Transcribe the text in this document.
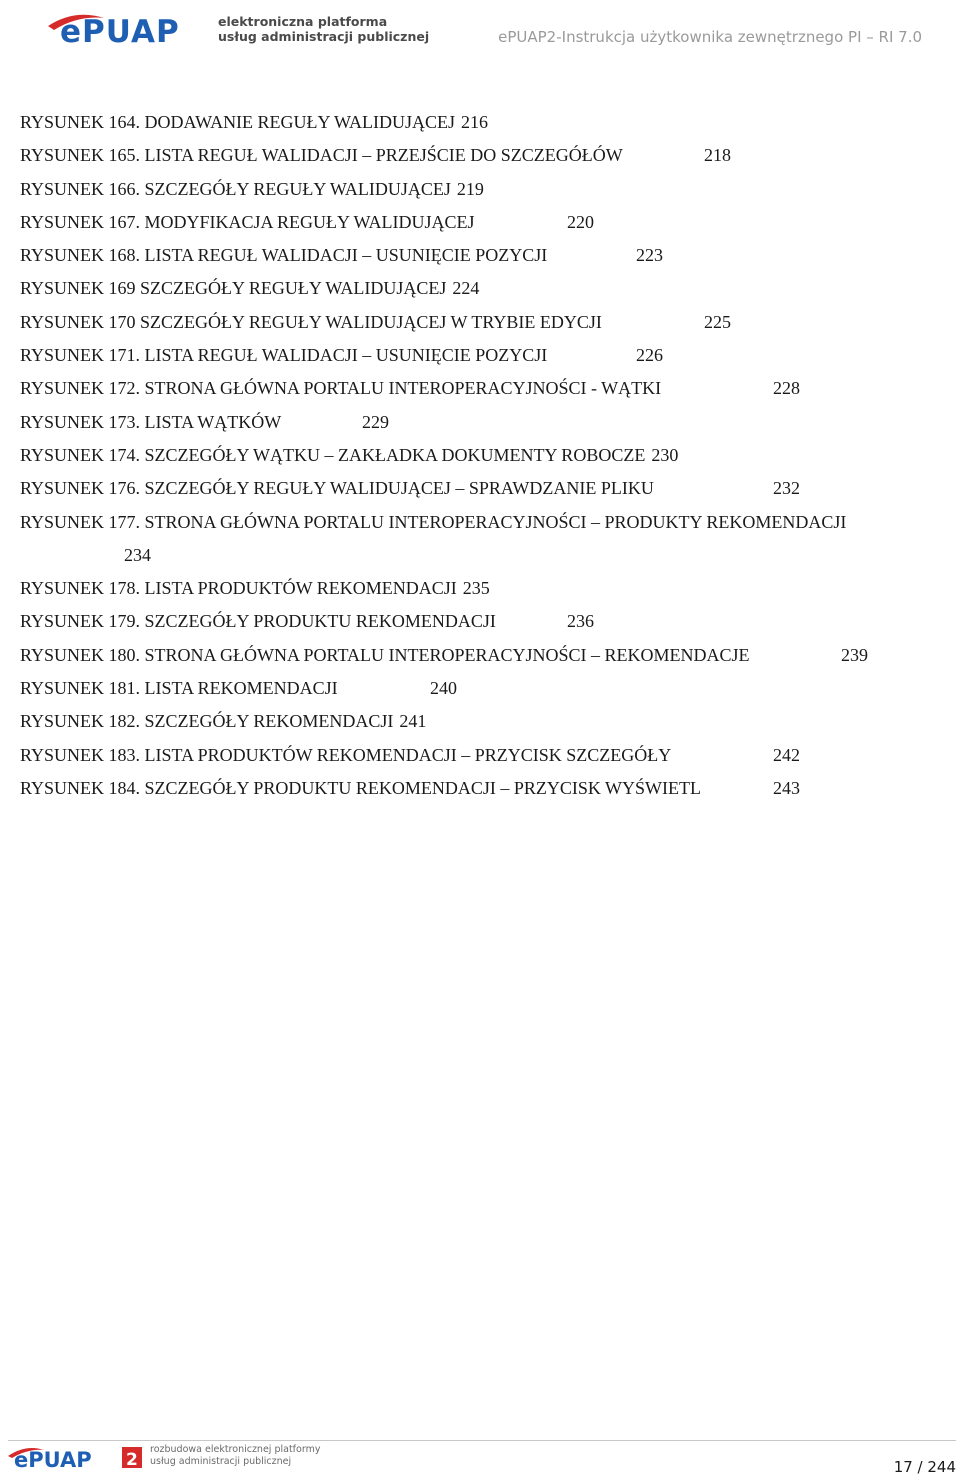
ePUAP	elektroniczna platforma
usług administracji publicznej	ePUAP2-Instrukcja użytkownika zewnętrznego PI – RI 7.0
RYSUNEK 164. DODAWANIE REGUŁY WALIDUJĄCEJ 216
RYSUNEK 165. LISTA REGUŁ WALIDACJI – PRZEJŚCIE DO SZCZEGÓŁÓW	218
RYSUNEK 166. SZCZEGÓŁY REGUŁY WALIDUJĄCEJ 219
RYSUNEK 167. MODYFIKACJA REGUŁY WALIDUJĄCEJ	220
RYSUNEK 168. LISTA REGUŁ WALIDACJI – USUNIĘCIE POZYCJI	223
RYSUNEK 169 SZCZEGÓŁY REGUŁY WALIDUJĄCEJ 224
RYSUNEK 170 SZCZEGÓŁY REGUŁY WALIDUJĄCEJ W TRYBIE EDYCJI	225
RYSUNEK 171. LISTA REGUŁ WALIDACJI – USUNIĘCIE POZYCJI	226
RYSUNEK 172. STRONA GŁÓWNA PORTALU INTEROPERACYJNOŚCI - WĄTKI	228
RYSUNEK 173. LISTA WĄTKÓW	229
RYSUNEK 174. SZCZEGÓŁY WĄTKU – ZAKŁADKA DOKUMENTY ROBOCZE 230
RYSUNEK 176. SZCZEGÓŁY REGUŁY WALIDUJĄCEJ – SPRAWDZANIE PLIKU	232
RYSUNEK 177. STRONA GŁÓWNA PORTALU INTEROPERACYJNOŚCI – PRODUKTY REKOMENDACJI
234
RYSUNEK 178. LISTA PRODUKTÓW REKOMENDACJI 235
RYSUNEK 179. SZCZEGÓŁY PRODUKTU REKOMENDACJI	236
RYSUNEK 180. STRONA GŁÓWNA PORTALU INTEROPERACYJNOŚCI – REKOMENDACJE	239
RYSUNEK 181. LISTA REKOMENDACJI	240
RYSUNEK 182. SZCZEGÓŁY REKOMENDACJI 241
RYSUNEK 183. LISTA PRODUKTÓW REKOMENDACJI – PRZYCISK SZCZEGÓŁY	242
RYSUNEK 184. SZCZEGÓŁY PRODUKTU REKOMENDACJI – PRZYCISK WYŚWIETL	243
ePUAP 2
rozbudowa elektronicznej platformy
usług administracji publicznej	17 / 244
